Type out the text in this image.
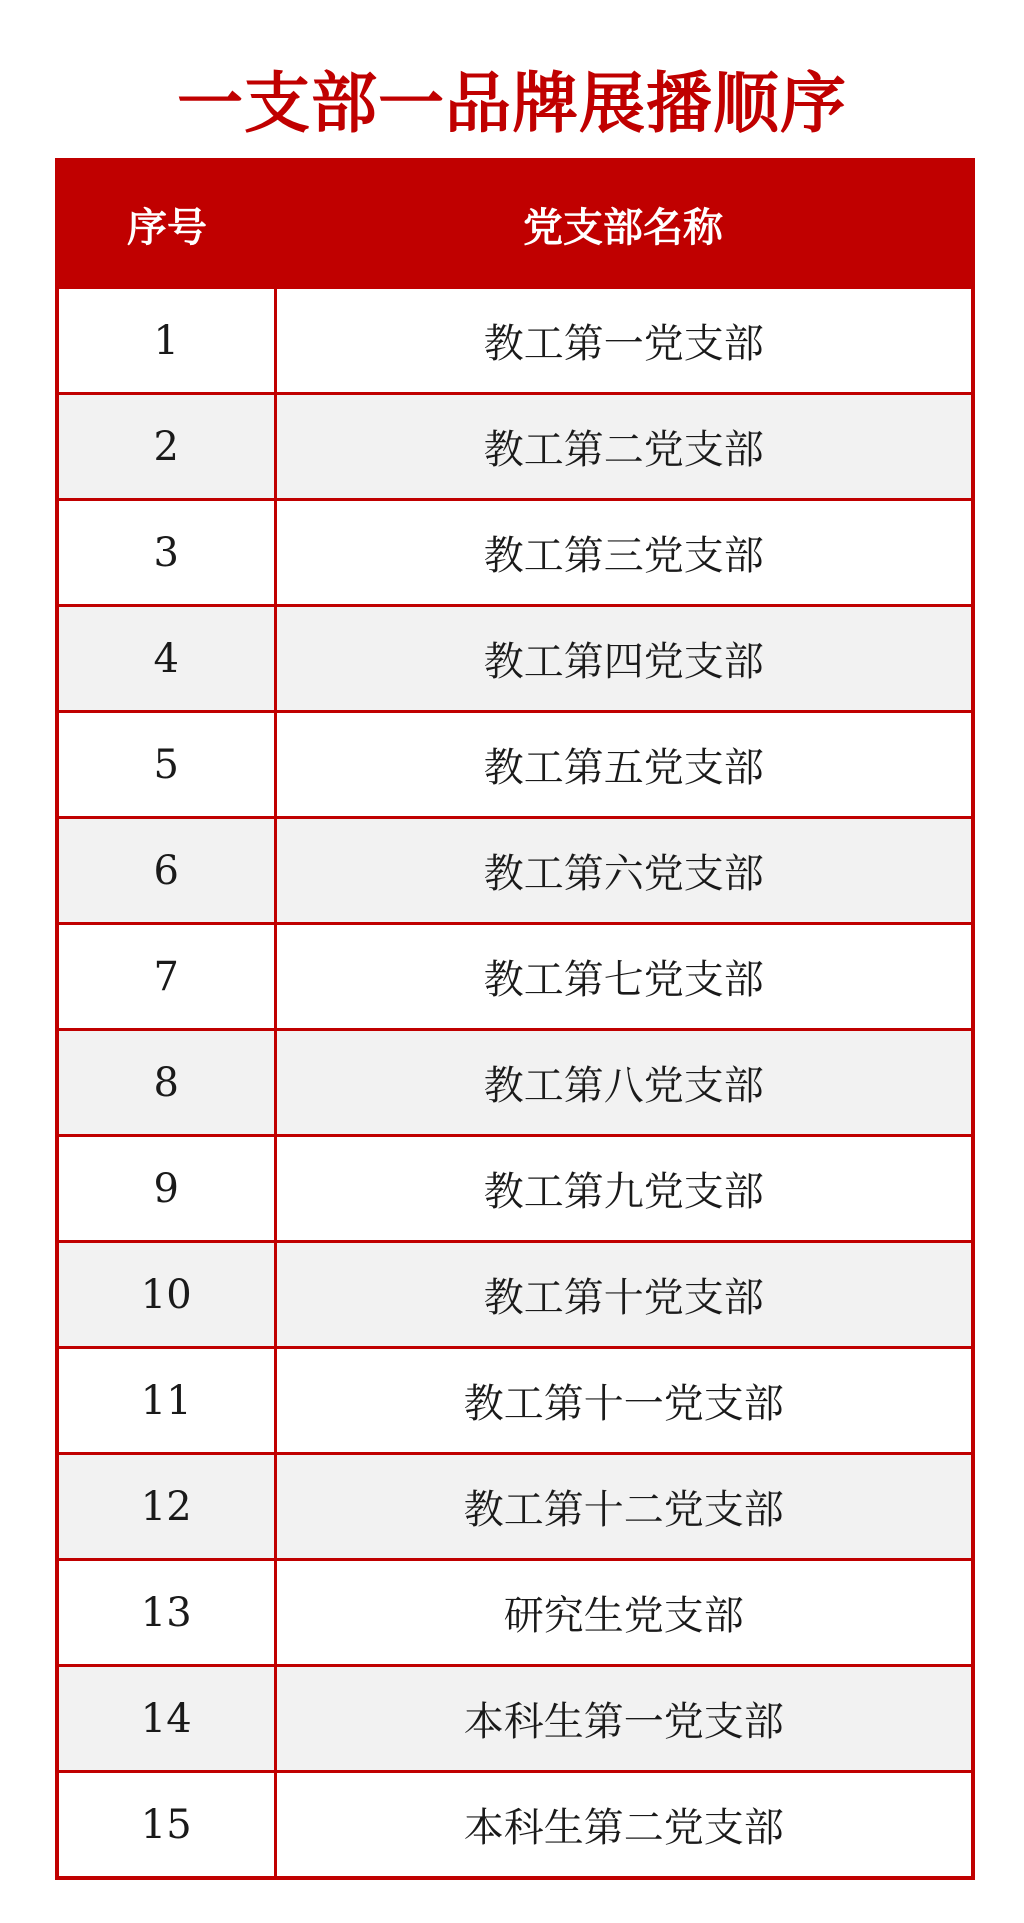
一支部一品牌展播顺序
序号	党支部名称
1	教工第一党支部
2	教工第二党支部
3	教工第三党支部
4	教工第四党支部
5	教工第五党支部
6	教工第六党支部
7	教工第七党支部
8	教工第八党支部
9	教工第九党支部
10	教工第十党支部
11	教工第十一党支部
12	教工第十二党支部
13	研究生党支部
14	本科生第一党支部
15	本科生第二党支部
